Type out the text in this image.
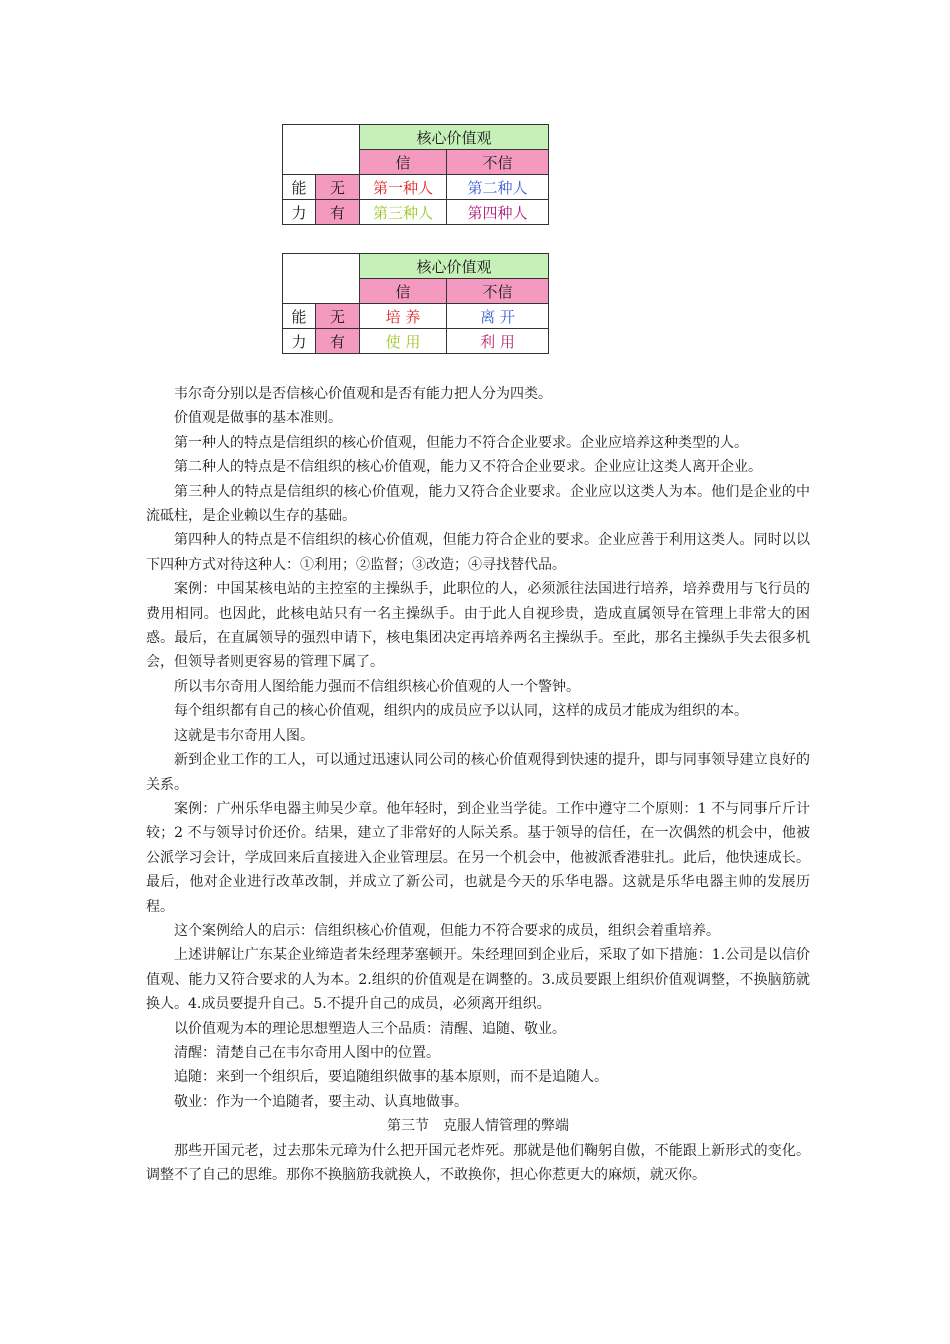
		核心价值观	
		信	不信
能	无	第一种人	第二种人
力	有	第三种人	第四种人
		核心价值观	
		信	不信
能	无	培 养	离 开
力	有	使 用	利 用

韦尔奇分别以是否信核心价值观和是否有能力把人分为四类。

价值观是做事的基本准则。

第一种人的特点是信组织的核心价值观，但能力不符合企业要求。企业应培养这种类型的人。

第二种人的特点是不信组织的核心价值观，能力又不符合企业要求。企业应让这类人离开企业。

第三种人的特点是信组织的核心价值观，能力又符合企业要求。企业应以这类人为本。他们是企业的中流砥柱，是企业赖以生存的基础。

第四种人的特点是不信组织的核心价值观，但能力符合企业的要求。企业应善于利用这类人。同时以以下四种方式对待这种人：①利用；②监督；③改造；④寻找替代品。

案例：中国某核电站的主控室的主操纵手，此职位的人，必须派往法国进行培养，培养费用与飞行员的费用相同。也因此，此核电站只有一名主操纵手。由于此人自视珍贵，造成直属领导在管理上非常大的困惑。最后，在直属领导的强烈申请下，核电集团决定再培养两名主操纵手。至此，那名主操纵手失去很多机会，但领导者则更容易的管理下属了。

所以韦尔奇用人图给能力强而不信组织核心价值观的人一个警钟。

每个组织都有自己的核心价值观，组织内的成员应予以认同，这样的成员才能成为组织的本。

这就是韦尔奇用人图。

新到企业工作的工人，可以通过迅速认同公司的核心价值观得到快速的提升，即与同事领导建立良好的关系。

案例：广州乐华电器主帅吴少章。他年轻时，到企业当学徒。工作中遵守二个原则：1 不与同事斤斤计较；2 不与领导讨价还价。结果，建立了非常好的人际关系。基于领导的信任，在一次偶然的机会中，他被公派学习会计，学成回来后直接进入企业管理层。在另一个机会中，他被派香港驻扎。此后，他快速成长。最后，他对企业进行改革改制，并成立了新公司，也就是今天的乐华电器。这就是乐华电器主帅的发展历程。

这个案例给人的启示：信组织核心价值观，但能力不符合要求的成员，组织会着重培养。

上述讲解让广东某企业缔造者朱经理茅塞顿开。朱经理回到企业后，采取了如下措施：1.公司是以信价值观、能力又符合要求的人为本。2.组织的价值观是在调整的。3.成员要跟上组织价值观调整，不换脑筋就换人。4.成员要提升自己。5.不提升自己的成员，必须离开组织。

以价值观为本的理论思想塑造人三个品质：清醒、追随、敬业。

清醒：清楚自己在韦尔奇用人图中的位置。

追随：来到一个组织后，要追随组织做事的基本原则，而不是追随人。

敬业：作为一个追随者，要主动、认真地做事。

第三节　克服人情管理的弊端

那些开国元老，过去那朱元璋为什么把开国元老炸死。那就是他们鞠躬自傲，不能跟上新形式的变化。调整不了自己的思维。那你不换脑筋我就换人，不敢换你，担心你惹更大的麻烦，就灭你。
